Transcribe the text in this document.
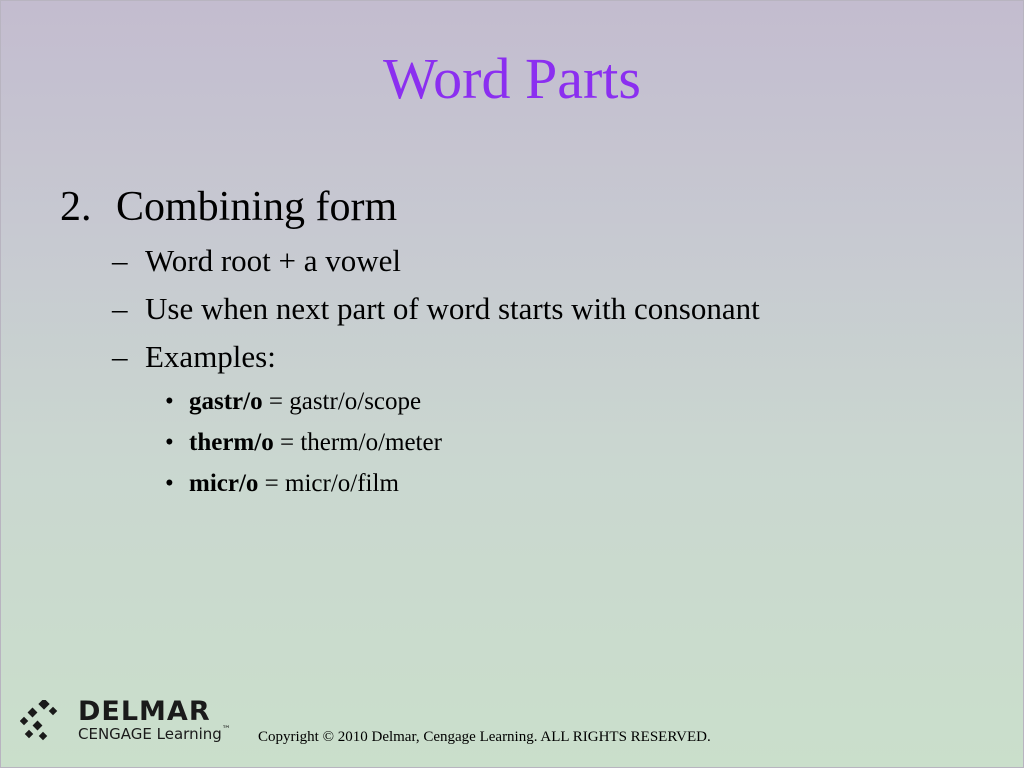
Word Parts
2. Combining form
– Word root + a vowel
– Use when next part of word starts with consonant
– Examples:
• gastr/o = gastr/o/scope
• therm/o = therm/o/meter
• micr/o = micr/o/film
DELMAR
CENGAGE Learning™ Copyright © 2010 Delmar, Cengage Learning. ALL RIGHTS RESERVED.
